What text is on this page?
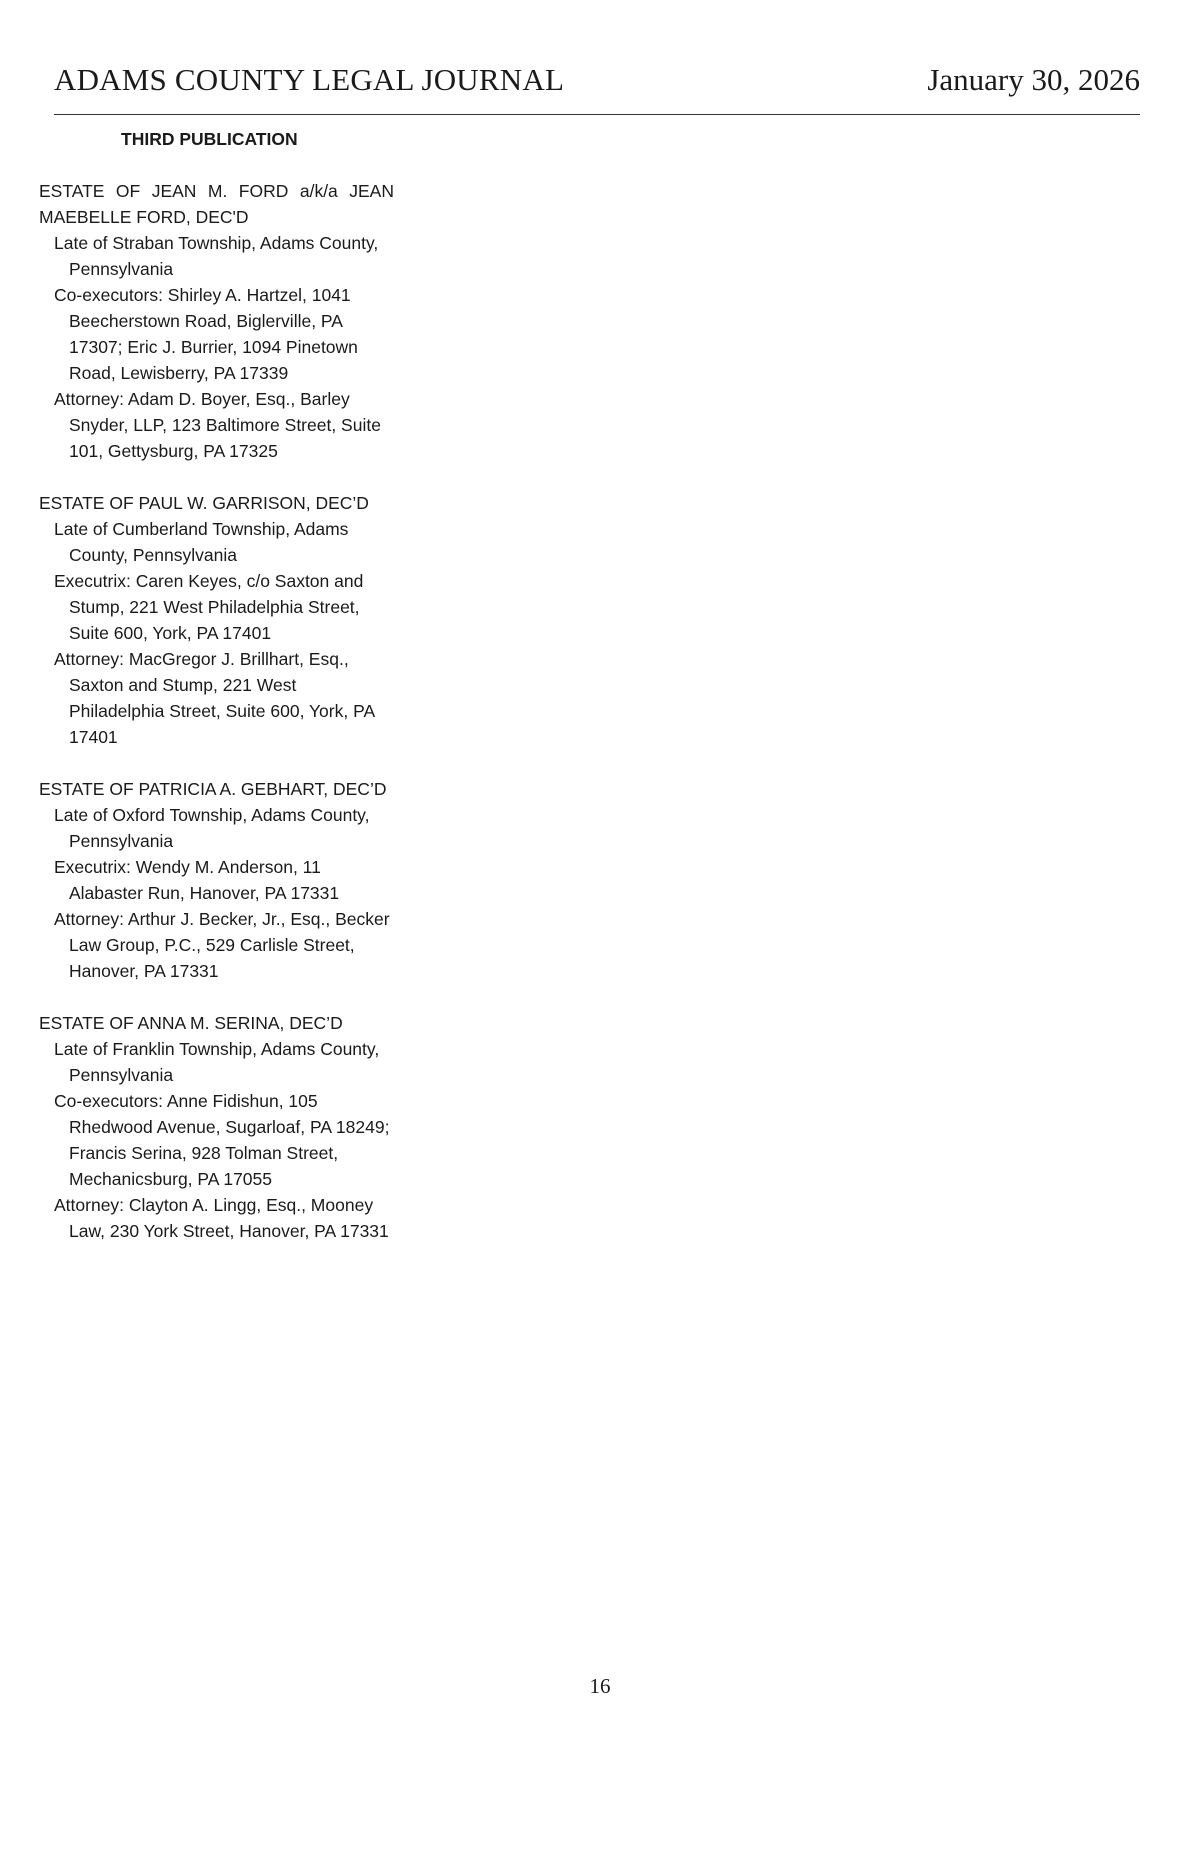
ADAMS COUNTY LEGAL JOURNAL	January 30, 2026
THIRD PUBLICATION
ESTATE OF JEAN M. FORD a/k/a JEAN MAEBELLE FORD, DEC'D
Late of Straban Township, Adams County, Pennsylvania
Co-executors: Shirley A. Hartzel, 1041 Beecherstown Road, Biglerville, PA 17307; Eric J. Burrier, 1094 Pinetown Road, Lewisberry, PA 17339
Attorney: Adam D. Boyer, Esq., Barley Snyder, LLP, 123 Baltimore Street, Suite 101, Gettysburg, PA 17325
ESTATE OF PAUL W. GARRISON, DEC’D
Late of Cumberland Township, Adams County, Pennsylvania
Executrix: Caren Keyes, c/o Saxton and Stump, 221 West Philadelphia Street, Suite 600, York, PA 17401
Attorney: MacGregor J. Brillhart, Esq., Saxton and Stump, 221 West Philadelphia Street, Suite 600, York, PA 17401
ESTATE OF PATRICIA A. GEBHART, DEC’D
Late of Oxford Township, Adams County, Pennsylvania
Executrix: Wendy M. Anderson, 11 Alabaster Run, Hanover, PA 17331
Attorney: Arthur J. Becker, Jr., Esq., Becker Law Group, P.C., 529 Carlisle Street, Hanover, PA 17331
ESTATE OF ANNA M. SERINA, DEC’D
Late of Franklin Township, Adams County, Pennsylvania
Co-executors: Anne Fidishun, 105 Rhedwood Avenue, Sugarloaf, PA 18249; Francis Serina, 928 Tolman Street, Mechanicsburg, PA 17055
Attorney: Clayton A. Lingg, Esq., Mooney Law, 230 York Street, Hanover, PA 17331
16
